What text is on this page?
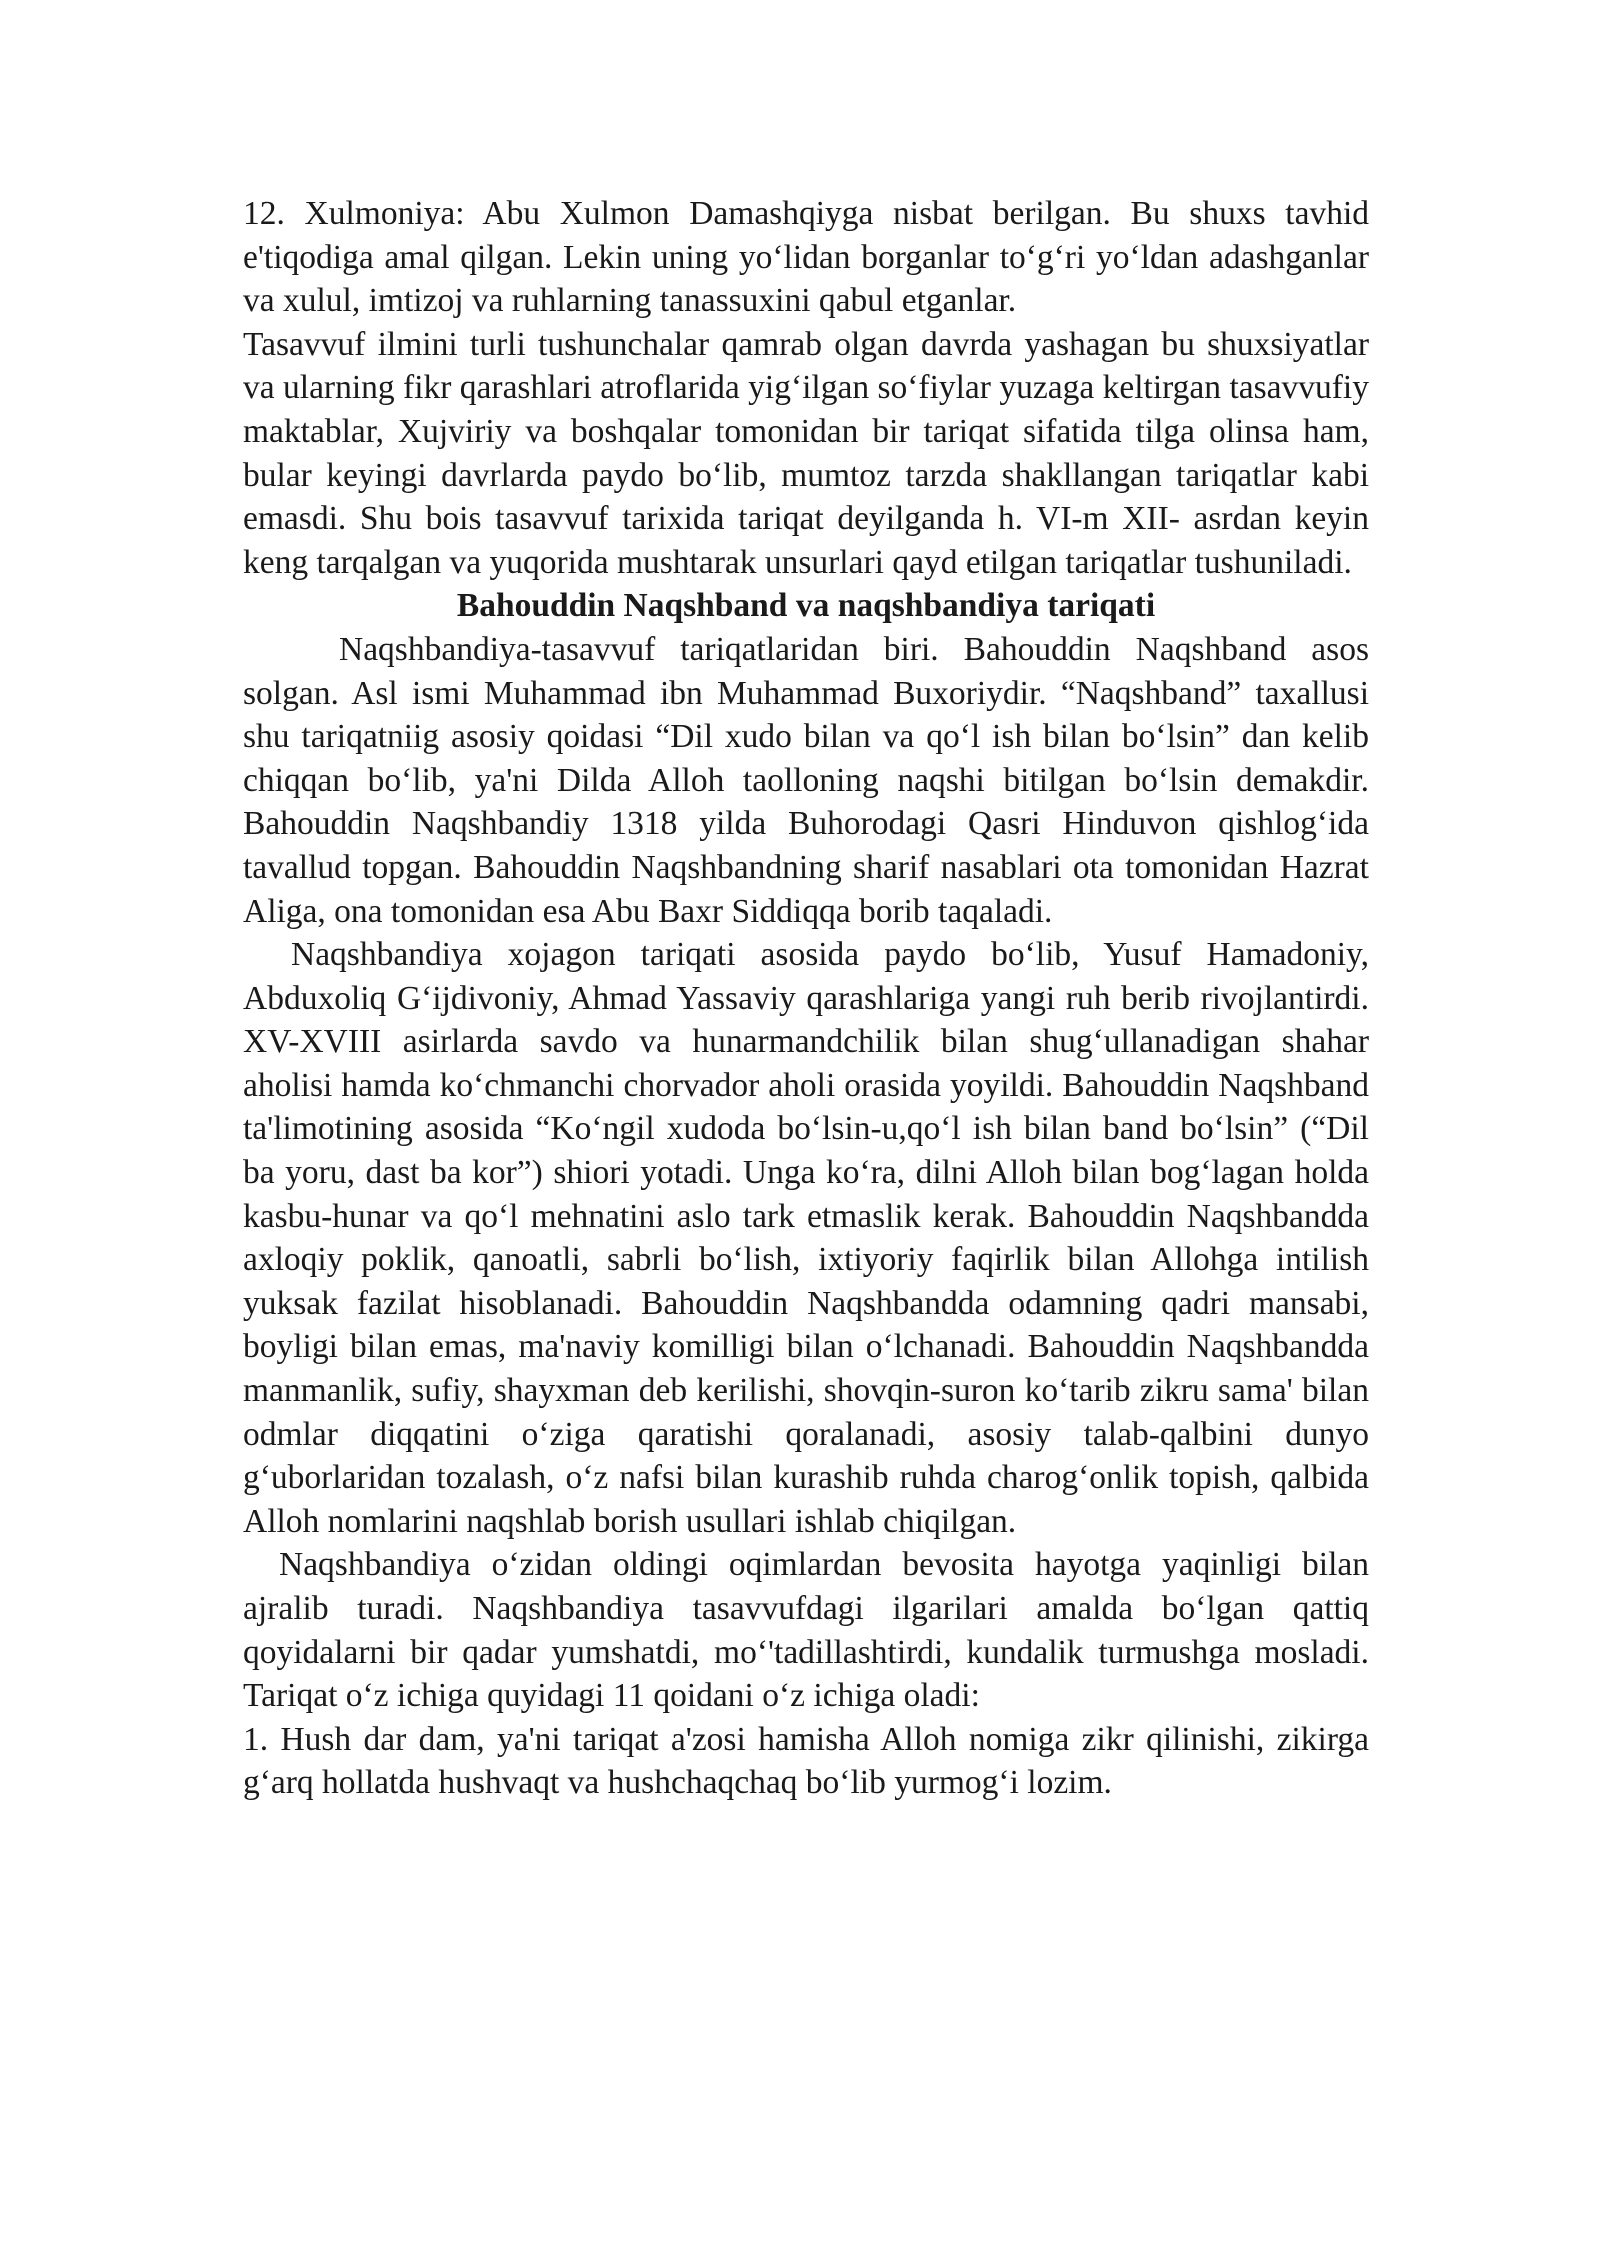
12. Xulmoniya: Abu Xulmon Damashqiyga nisbat berilgan. Bu shuxs tavhid e'tiqodiga amal qilgan. Lekin uning yo‘lidan borganlar to‘g‘ri yo‘ldan adashganlar va xulul, imtizoj va ruhlarning tanassuxini qabul etganlar.

Tasavvuf ilmini turli tushunchalar qamrab olgan davrda yashagan bu shuxsiyatlar va ularning fikr qarashlari atroflarida yig‘ilgan so‘fiylar yuzaga keltirgan tasavvufiy maktablar, Xujviriy va boshqalar tomonidan bir tariqat sifatida tilga olinsa ham, bular keyingi davrlarda paydo bo‘lib, mumtoz tarzda shakllangan tariqatlar kabi emasdi. Shu bois tasavvuf tarixida tariqat deyilganda h. VI-m XII- asrdan keyin keng tarqalgan va yuqorida mushtarak unsurlari qayd etilgan tariqatlar tushuniladi.

Bahouddin Naqshband va naqshbandiya tariqati

Naqshbandiya-tasavvuf tariqatlaridan biri. Bahouddin Naqshband asos solgan. Asl ismi Muhammad ibn Muhammad Buxoriydir. “Naqshband” taxallusi shu tariqatniig asosiy qoidasi “Dil xudo bilan va qo‘l ish bilan bo‘lsin” dan kelib chiqqan bo‘lib, ya'ni Dilda Alloh taolloning naqshi bitilgan bo‘lsin demakdir. Bahouddin Naqshbandiy 1318 yilda Buhorodagi Qasri Hinduvon qishlog‘ida tavallud topgan. Bahouddin Naqshbandning sharif nasablari ota tomonidan Hazrat Aliga, ona tomonidan esa Abu Baxr Siddiqqa borib taqaladi.

Naqshbandiya xojagon tariqati asosida paydo bo‘lib, Yusuf Hamadoniy, Abduxoliq G‘ijdivoniy, Ahmad Yassaviy qarashlariga yangi ruh berib rivojlantirdi. XV-XVIII asirlarda savdo va hunarmandchilik bilan shug‘ullanadigan shahar aholisi hamda ko‘chmanchi chorvador aholi orasida yoyildi. Bahouddin Naqshband ta'limotining asosida “Ko‘ngil xudoda bo‘lsin-u,qo‘l ish bilan band bo‘lsin” (“Dil ba yoru, dast ba kor”) shiori yotadi. Unga ko‘ra, dilni Alloh bilan bog‘lagan holda kasbu-hunar va qo‘l mehnatini aslo tark etmaslik kerak. Bahouddin Naqshbandda axloqiy poklik, qanoatli, sabrli bo‘lish, ixtiyoriy faqirlik bilan Allohga intilish yuksak fazilat hisoblanadi. Bahouddin Naqshbandda odamning qadri mansabi, boyligi bilan emas, ma'naviy komilligi bilan o‘lchanadi. Bahouddin Naqshbandda manmanlik, sufiy, shayxman deb kerilishi, shovqin-suron ko‘tarib zikru sama' bilan odmlar diqqatini o‘ziga qaratishi qoralanadi, asosiy talab-qalbini dunyo g‘uborlaridan tozalash, o‘z nafsi bilan kurashib ruhda charog‘onlik topish, qalbida Alloh nomlarini naqshlab borish usullari ishlab chiqilgan.

Naqshbandiya o‘zidan oldingi oqimlardan bevosita hayotga yaqinligi bilan ajralib turadi. Naqshbandiya tasavvufdagi ilgarilari amalda bo‘lgan qattiq qoyidalarni bir qadar yumshatdi, mo‘'tadillashtirdi, kundalik turmushga mosladi. Tariqat o‘z ichiga quyidagi 11 qoidani o‘z ichiga oladi:

1. Hush dar dam, ya'ni tariqat a'zosi hamisha Alloh nomiga zikr qilinishi, zikirga g‘arq hollatda hushvaqt va hushchaqchaq bo‘lib yurmog‘i lozim.
